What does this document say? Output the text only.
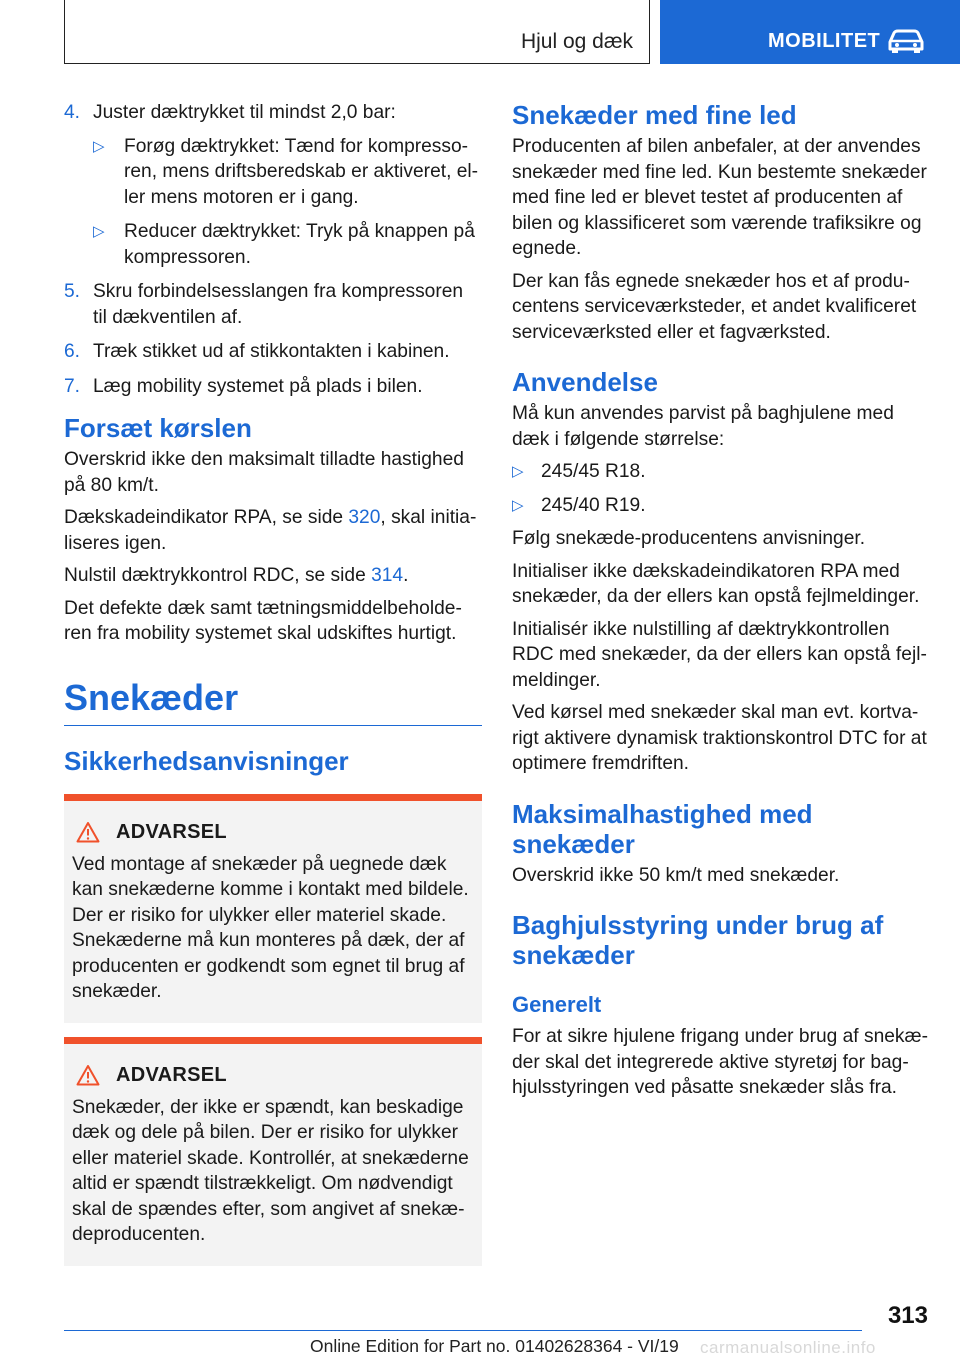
Hjul og dæk	MOBILITET
4. Juster dæktrykket til mindst 2,0 bar:
▷ Forøg dæktrykket: Tænd for kompressoren, mens driftsberedskab er aktiveret, eller mens motoren er i gang.
▷ Reducer dæktrykket: Tryk på knappen på kompressoren.
5. Skru forbindelsesslangen fra kompressoren til dækventilen af.
6. Træk stikket ud af stikkontakten i kabinen.
7. Læg mobility systemet på plads i bilen.
Forsæt kørslen

Overskrid ikke den maksimalt tilladte hastighed på 80 km/t.

Dækskadeindikator RPA, se side 320, skal initialiseres igen.

Nulstil dæktrykkontrol RDC, se side 314.

Det defekte dæk samt tætningsmiddelbeholderen fra mobility systemet skal udskiftes hurtigt.

Snekæder
Sikkerhedsanvisninger
ADVARSEL

Ved montage af snekæder på uegnede dæk kan snekæderne komme i kontakt med bildele. Der er risiko for ulykker eller materiel skade. Snekæderne må kun monteres på dæk, der af producenten er godkendt som egnet til brug af snekæder.

ADVARSEL

Snekæder, der ikke er spændt, kan beskadige dæk og dele på bilen. Der er risiko for ulykker eller materiel skade. Kontrollér, at snekæderne altid er spændt tilstrækkeligt. Om nødvendigt skal de spændes efter, som angivet af snekædeproducenten.

Snekæder med fine led

Producenten af bilen anbefaler, at der anvendes snekæder med fine led. Kun bestemte snekæder med fine led er blevet testet af producenten af bilen og klassificeret som værende trafiksikre og egnede.

Der kan fås egnede snekæder hos et af producentens serviceværksteder, et andet kvalificeret serviceværksted eller et fagværksted.

Anvendelse

Må kun anvendes parvist på baghjulene med dæk i følgende størrelse:

▷ 245/45 R18.
▷ 245/40 R19.

Følg snekæde-producentens anvisninger.

Initialiser ikke dækskadeindikatoren RPA med snekæder, da der ellers kan opstå fejlmeldinger.

Initialisér ikke nulstilling af dæktrykkontrollen RDC med snekæder, da der ellers kan opstå fejlmeldinger.

Ved kørsel med snekæder skal man evt. kortvarigt aktivere dynamisk traktionskontrol DTC for at optimere fremdriften.

Maksimalhastighed med snekæder

Overskrid ikke 50 km/t med snekæder.

Baghjulsstyring under brug af snekæder
Generelt

For at sikre hjulene frigang under brug af snekæder skal det integrerede aktive styretøj for baghjulsstyringen ved påsatte snekæder slås fra.

313
Online Edition for Part no. 01402628364 - VI/19 carmanualsonline.info
